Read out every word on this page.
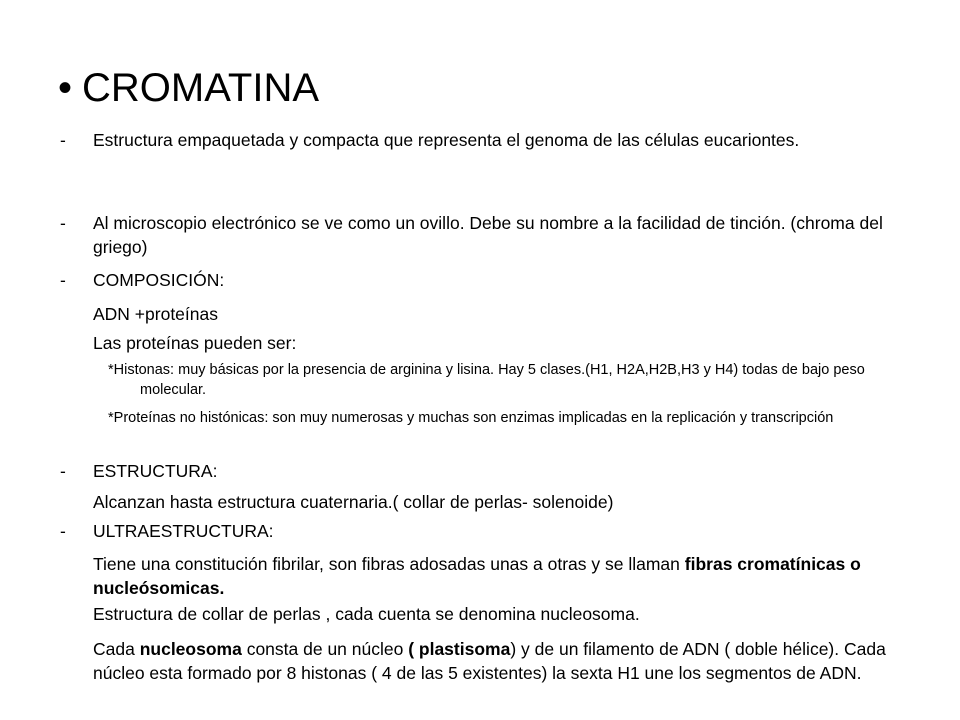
• CROMATINA
-	Estructura empaquetada y compacta que representa el genoma de las células eucariontes.
-	Al microscopio electrónico se ve como un ovillo. Debe su nombre a la facilidad de tinción. (chroma del griego)
-	COMPOSICIÓN:
ADN +proteínas
Las proteínas pueden ser:
*Histonas: muy básicas por la presencia de arginina y lisina. Hay 5 clases.(H1, H2A,H2B,H3 y H4) todas de bajo peso molecular.
*Proteínas no histónicas: son muy numerosas y muchas son enzimas implicadas en la replicación y transcripción
-	ESTRUCTURA:
Alcanzan hasta estructura cuaternaria.( collar de perlas- solenoide)
-	ULTRAESTRUCTURA:
Tiene una constitución fibrilar, son fibras adosadas unas a otras y se llaman fibras cromatínicas o nucleósomicas.
Estructura de collar de perlas , cada cuenta se denomina nucleosoma.
Cada nucleosoma consta de un núcleo ( plastisoma) y de un filamento de ADN ( doble hélice). Cada núcleo esta formado por 8 histonas ( 4 de las 5 existentes) la sexta H1 une los segmentos de ADN.
